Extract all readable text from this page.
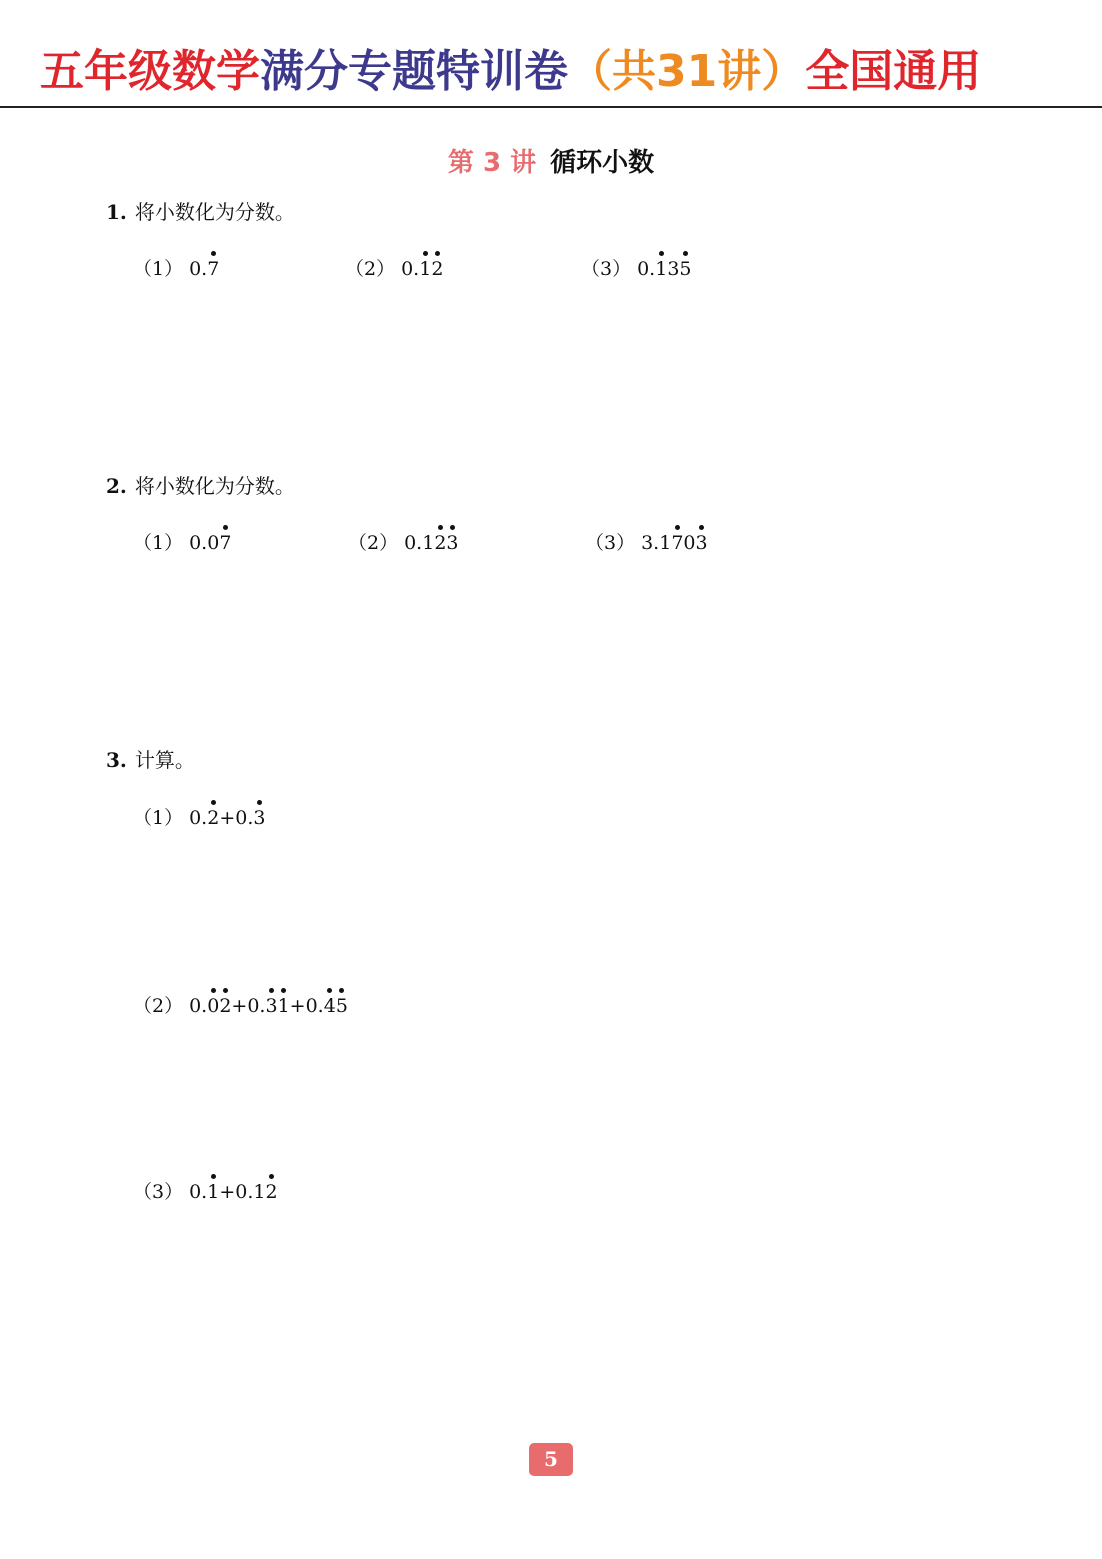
五年级数学满分专题特训卷（共31讲）全国通用
第 3 讲 循环小数
1. 将小数化为分数。
（1） 0.7	（2） 0.12	（3） 0.135
2. 将小数化为分数。
（1） 0.07	（2） 0.123	（3） 3.1703
3. 计算。
（1） 0.2+0.3
（2） 0.02+0.31+0.45
（3） 0.1+0.12
5
